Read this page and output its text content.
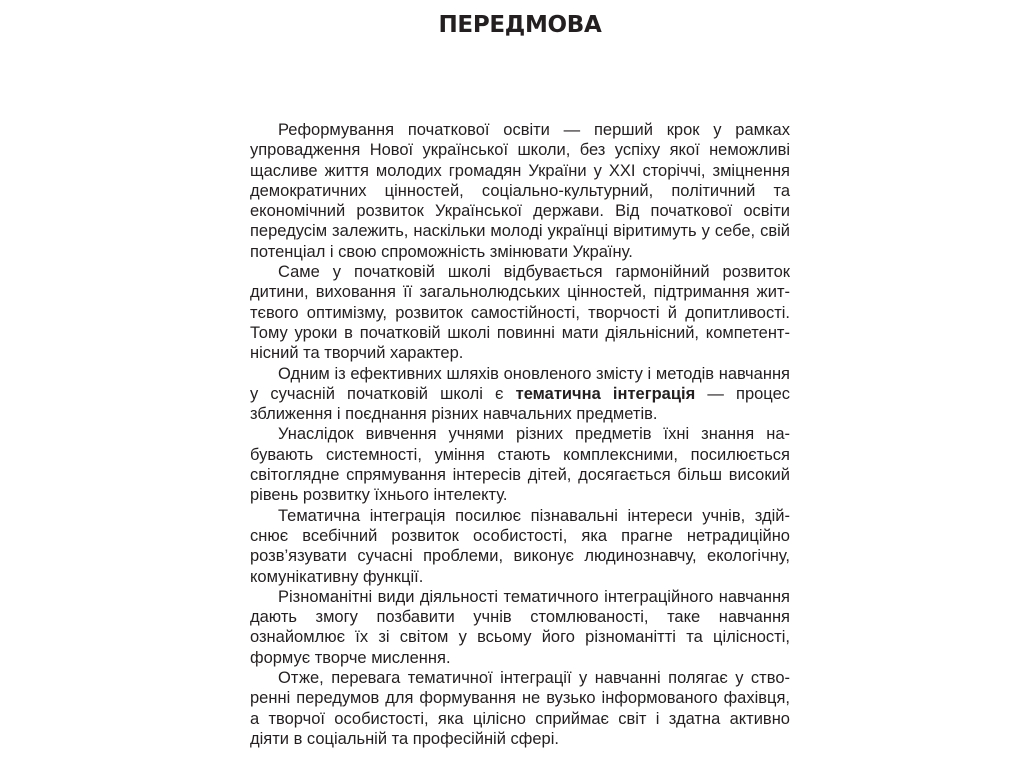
ПЕРЕДМОВА

Реформування початкової освіти — перший крок у рамках упровадження Нової української школи, без успіху якої неможливі щасливе життя молодих громадян України у XXI сторіччі, зміцнення демократичних цінностей, соціально-культурний, політичний та економічний розвиток Української держави. Від початкової освіти передусім залежить, наскільки молоді українці віритимуть у себе, свій потенціал і свою спроможність змінювати Україну.

Саме у початковій школі відбувається гармонійний розвиток дитини, виховання її загальнолюдських цінностей, підтримання життєвого оптимізму, розвиток самостійності, творчості й допитливості. Тому уроки в початковій школі повинні мати діяльнісний, компетентнісний та творчий характер.

Одним із ефективних шляхів оновленого змісту і методів навчання у сучасній початковій школі є тематична інтеграція — процес зближення і поєднання різних навчальних предметів.

Унаслідок вивчення учнями різних предметів їхні знання набувають системності, уміння стають комплексними, посилюється світоглядне спрямування інтересів дітей, досягається більш високий рівень розвитку їхнього інтелекту.

Тематична інтеграція посилює пізнавальні інтереси учнів, здійснює всебічний розвиток особистості, яка прагне нетрадиційно розв’язувати сучасні проблеми, виконує людинознавчу, екологічну, комунікативну функції.

Різноманітні види діяльності тематичного інтеграційного навчання дають змогу позбавити учнів стомлюваності, таке навчання ознайомлює їх зі світом у всьому його різноманітті та цілісності, формує творче мислення.

Отже, перевага тематичної інтеграції у навчанні полягає у створенні передумов для формування не вузько інформованого фахівця, а творчої особистості, яка цілісно сприймає світ і здатна активно діяти в соціальній та професійній сфері.
